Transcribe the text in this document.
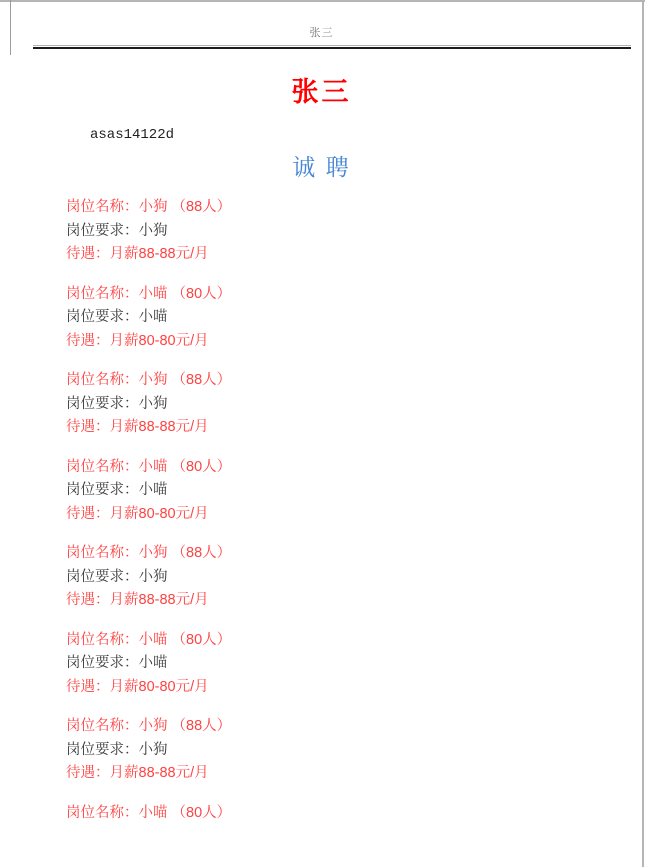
张三
张三
asas14122d
诚 聘
岗位名称：小狗 （88人）
岗位要求：小狗
待遇：月薪88-88元/月
岗位名称：小喵 （80人）
岗位要求：小喵
待遇：月薪80-80元/月
岗位名称：小狗 （88人）
岗位要求：小狗
待遇：月薪88-88元/月
岗位名称：小喵 （80人）
岗位要求：小喵
待遇：月薪80-80元/月
岗位名称：小狗 （88人）
岗位要求：小狗
待遇：月薪88-88元/月
岗位名称：小喵 （80人）
岗位要求：小喵
待遇：月薪80-80元/月
岗位名称：小狗 （88人）
岗位要求：小狗
待遇：月薪88-88元/月
岗位名称：小喵 （80人）
